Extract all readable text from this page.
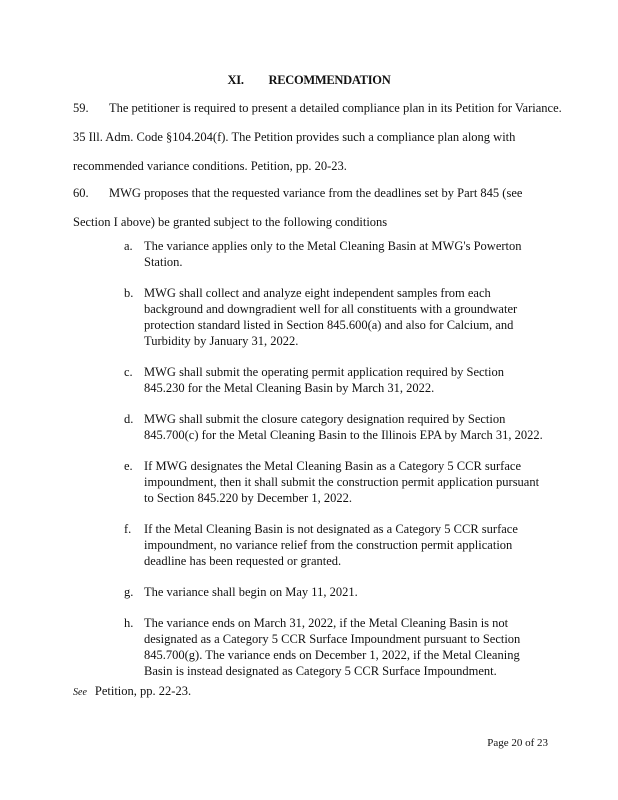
XI. RECOMMENDATION
59. The petitioner is required to present a detailed compliance plan in its Petition for Variance.
35 Ill. Adm. Code §104.204(f). The Petition provides such a compliance plan along with
recommended variance conditions. Petition, pp. 20-23.
60. MWG proposes that the requested variance from the deadlines set by Part 845 (see
Section I above) be granted subject to the following conditions
a. The variance applies only to the Metal Cleaning Basin at MWG's Powerton Station.
b. MWG shall collect and analyze eight independent samples from each background and downgradient well for all constituents with a groundwater protection standard listed in Section 845.600(a) and also for Calcium, and Turbidity by January 31, 2022.
c. MWG shall submit the operating permit application required by Section 845.230 for the Metal Cleaning Basin by March 31, 2022.
d. MWG shall submit the closure category designation required by Section 845.700(c) for the Metal Cleaning Basin to the Illinois EPA by March 31, 2022.
e. If MWG designates the Metal Cleaning Basin as a Category 5 CCR surface impoundment, then it shall submit the construction permit application pursuant to Section 845.220 by December 1, 2022.
f. If the Metal Cleaning Basin is not designated as a Category 5 CCR surface impoundment, no variance relief from the construction permit application deadline has been requested or granted.
g. The variance shall begin on May 11, 2021.
h. The variance ends on March 31, 2022, if the Metal Cleaning Basin is not designated as a Category 5 CCR Surface Impoundment pursuant to Section 845.700(g). The variance ends on December 1, 2022, if the Metal Cleaning Basin is instead designated as Category 5 CCR Surface Impoundment.
See Petition, pp. 22-23.
Page 20 of 23
